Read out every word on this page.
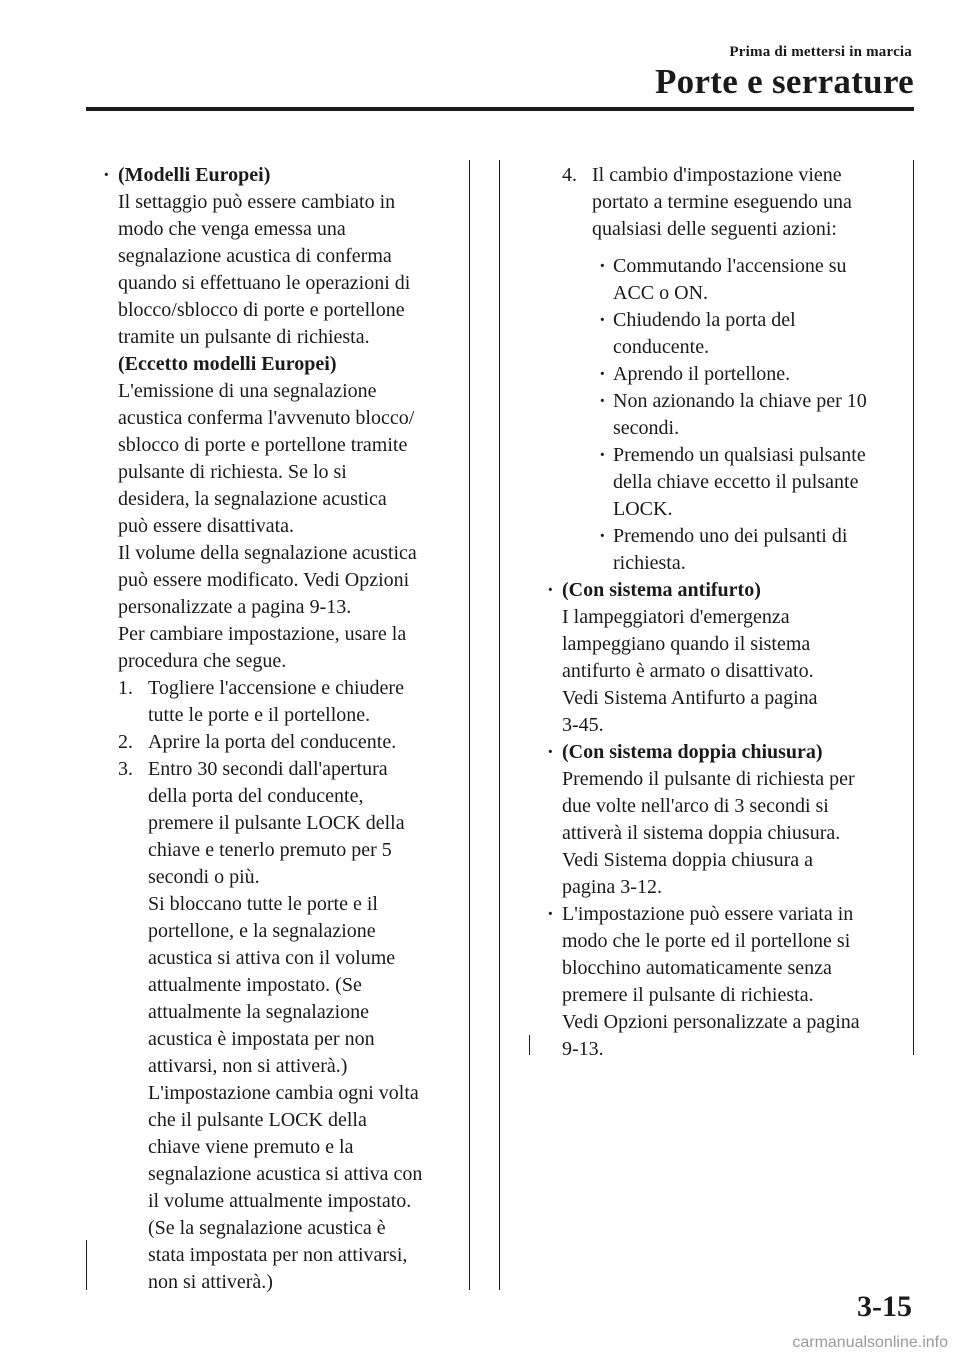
Prima di mettersi in marcia
Porte e serrature
· (Modelli Europei)
Il settaggio può essere cambiato in
modo che venga emessa una
segnalazione acustica di conferma
quando si effettuano le operazioni di
blocco/sblocco di porte e portellone
tramite un pulsante di richiesta.
(Eccetto modelli Europei)
L'emissione di una segnalazione
acustica conferma l'avvenuto blocco/
sblocco di porte e portellone tramite
pulsante di richiesta. Se lo si
desidera, la segnalazione acustica
può essere disattivata.
Il volume della segnalazione acustica
può essere modificato. Vedi Opzioni
personalizzate a pagina 9-13.
Per cambiare impostazione, usare la
procedura che segue.
1. Togliere l'accensione e chiudere
tutte le porte e il portellone.
2. Aprire la porta del conducente.
3. Entro 30 secondi dall'apertura
della porta del conducente,
premere il pulsante LOCK della
chiave e tenerlo premuto per 5
secondi o più.
Si bloccano tutte le porte e il
portellone, e la segnalazione
acustica si attiva con il volume
attualmente impostato. (Se
attualmente la segnalazione
acustica è impostata per non
attivarsi, non si attiverà.)
L'impostazione cambia ogni volta
che il pulsante LOCK della
chiave viene premuto e la
segnalazione acustica si attiva con
il volume attualmente impostato.
(Se la segnalazione acustica è
stata impostata per non attivarsi,
non si attiverà.)
4. Il cambio d'impostazione viene
portato a termine eseguendo una
qualsiasi delle seguenti azioni:
· Commutando l'accensione su
ACC o ON.
· Chiudendo la porta del
conducente.
· Aprendo il portellone.
· Non azionando la chiave per 10
secondi.
· Premendo un qualsiasi pulsante
della chiave eccetto il pulsante
LOCK.
· Premendo uno dei pulsanti di
richiesta.
· (Con sistema antifurto)
I lampeggiatori d'emergenza
lampeggiano quando il sistema
antifurto è armato o disattivato.
Vedi Sistema Antifurto a pagina
3-45.
· (Con sistema doppia chiusura)
Premendo il pulsante di richiesta per
due volte nell'arco di 3 secondi si
attiverà il sistema doppia chiusura.
Vedi Sistema doppia chiusura a
pagina 3-12.
· L'impostazione può essere variata in
modo che le porte ed il portellone si
blocchino automaticamente senza
premere il pulsante di richiesta.
Vedi Opzioni personalizzate a pagina
9-13.
3-15
carmanualsonline.info
